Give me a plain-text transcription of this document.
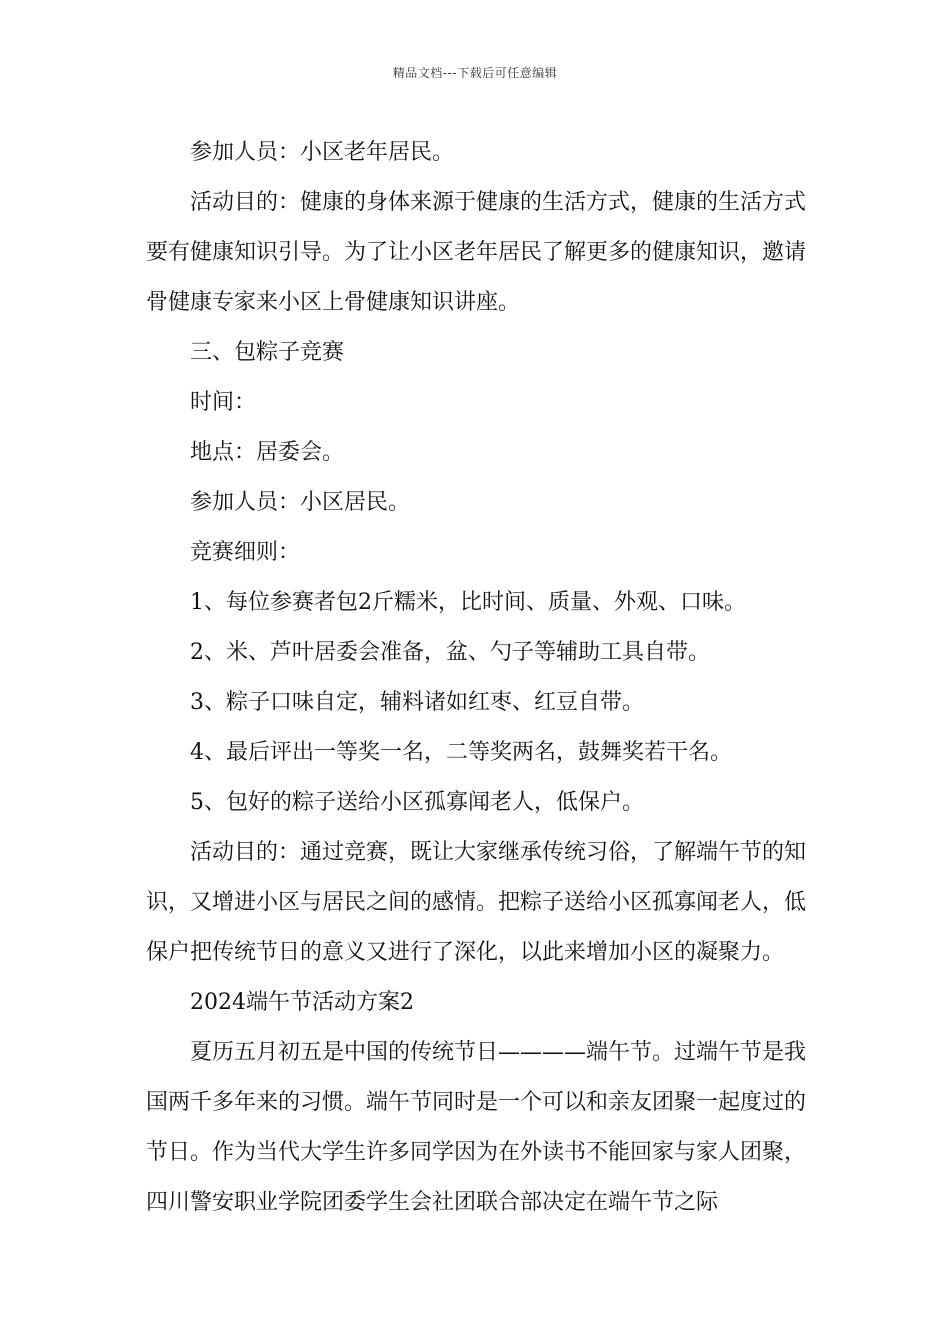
精品文档---下载后可任意编辑

参加人员：小区老年居民。

活动目的：健康的身体来源于健康的生活方式，健康的生活方式要有健康知识引导。为了让小区老年居民了解更多的健康知识，邀请骨健康专家来小区上骨健康知识讲座。

三、包粽子竞赛

时间：

地点：居委会。

参加人员：小区居民。

竞赛细则：

1、每位参赛者包2斤糯米，比时间、质量、外观、口味。

2、米、芦叶居委会准备，盆、勺子等辅助工具自带。

3、粽子口味自定，辅料诸如红枣、红豆自带。

4、最后评出一等奖一名，二等奖两名，鼓舞奖若干名。

5、包好的粽子送给小区孤寡闻老人，低保户。

活动目的：通过竞赛，既让大家继承传统习俗，了解端午节的知识，又增进小区与居民之间的感情。把粽子送给小区孤寡闻老人，低保户把传统节日的意义又进行了深化，以此来增加小区的凝聚力。

2024端午节活动方案2

夏历五月初五是中国的传统节日————端午节。过端午节是我国两千多年来的习惯。端午节同时是一个可以和亲友团聚一起度过的节日。作为当代大学生许多同学因为在外读书不能回家与家人团聚，四川警安职业学院团委学生会社团联合部决定在端午节之际
